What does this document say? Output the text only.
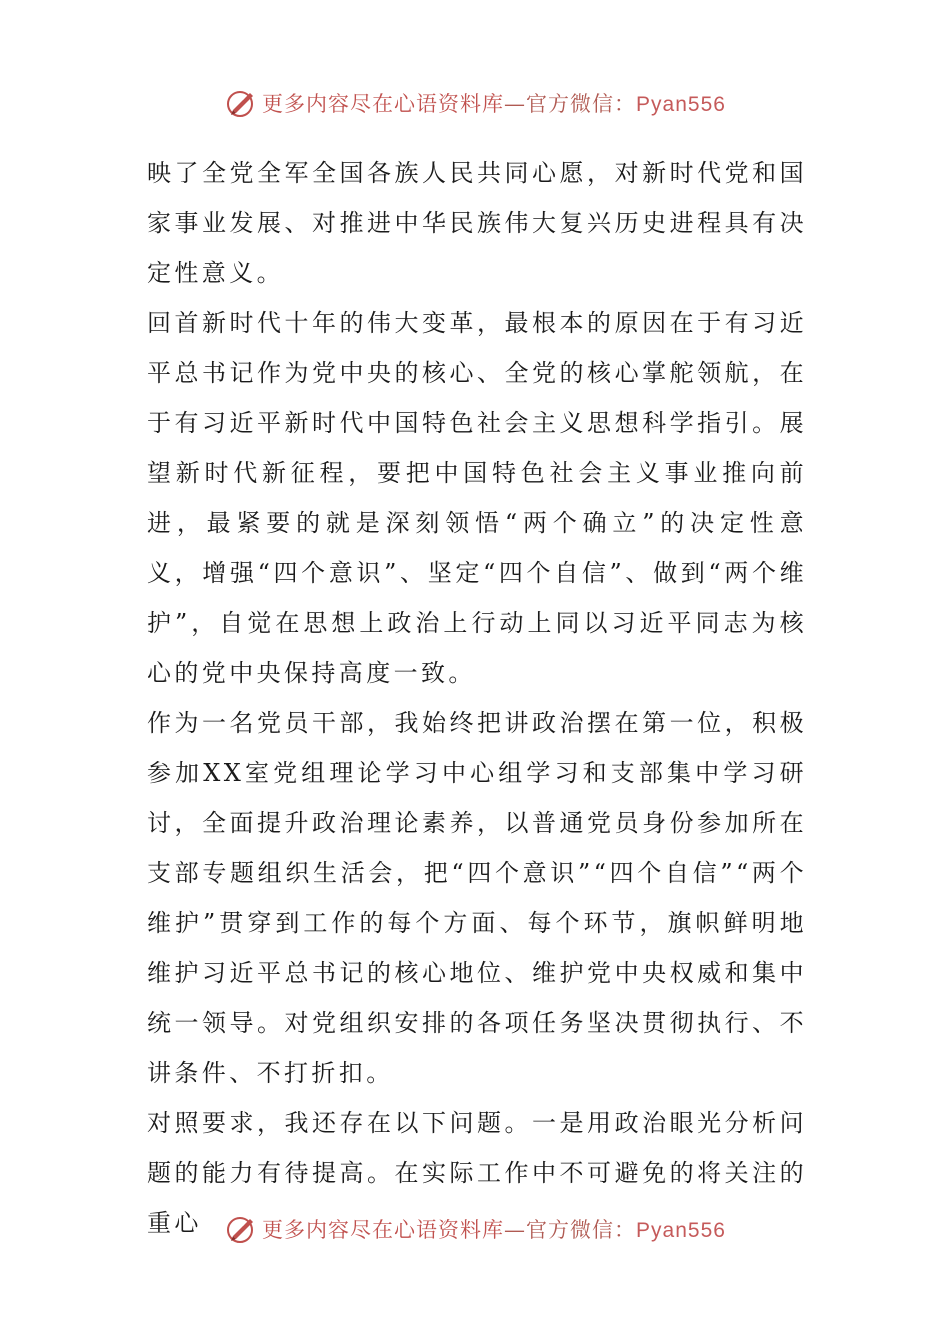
更多内容尽在心语资料库—官方微信：Pyan556

映了全党全军全国各族人民共同心愿，对新时代党和国家事业发展、对推进中华民族伟大复兴历史进程具有决定性意义。

回首新时代十年的伟大变革，最根本的原因在于有习近平总书记作为党中央的核心、全党的核心掌舵领航，在于有习近平新时代中国特色社会主义思想科学指引。展望新时代新征程，要把中国特色社会主义事业推向前进，最紧要的就是深刻领悟“两个确立”的决定性意义，增强“四个意识”、坚定“四个自信”、做到“两个维护”，自觉在思想上政治上行动上同以习近平同志为核心的党中央保持高度一致。

作为一名党员干部，我始终把讲政治摆在第一位，积极参加XX室党组理论学习中心组学习和支部集中学习研讨，全面提升政治理论素养，以普通党员身份参加所在支部专题组织生活会，把“四个意识”“四个自信”“两个维护”贯穿到工作的每个方面、每个环节，旗帜鲜明地维护习近平总书记的核心地位、维护党中央权威和集中统一领导。对党组织安排的各项任务坚决贯彻执行、不讲条件、不打折扣。

对照要求，我还存在以下问题。一是用政治眼光分析问题的能力有待提高。在实际工作中不可避免的将关注的重心	更多内容尽在心语资料库—官方微信：Pyan556
